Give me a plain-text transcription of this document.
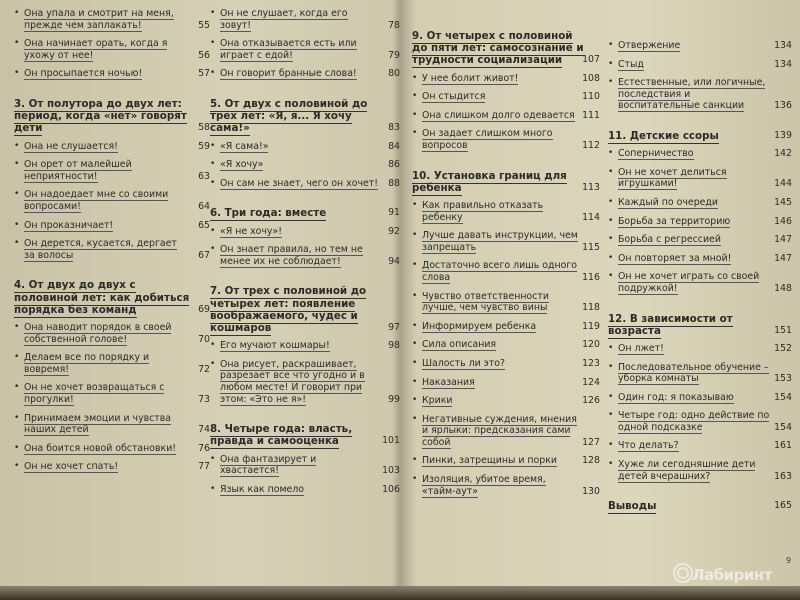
• Она упала и смотрит на меня, прежде чем заплакать!	55
• Она начинает орать, когда я ухожу от нее!	56
• Он просыпается ночью!	57
3. От полутора до двух лет: период, когда «нет» говорят дети	58
• Она не слушается!	59
• Он орет от малейшей неприятности!	63
• Он надоедает мне со своими вопросами!	64
• Он проказничает!	65
• Он дерется, кусается, дергает за волосы	67
4. От двух до двух с половиной лет: как добиться порядка без команд	69
• Она наводит порядок в своей собственной голове!	70
• Делаем все по порядку и вовремя!	72
• Он не хочет возвращаться с прогулки!	73
• Принимаем эмоции и чувства наших детей	74
• Она боится новой обстановки! 76
• Он не хочет спать!	77
• Он не слушает, когда его зовут!	78
• Она отказывается есть или играет с едой!	79
• Он говорит бранные слова!	80
5. От двух с половиной до трех лет: «Я, я... Я хочу сама!»	83
• «Я сама!»	84
• «Я хочу»	86
• Он сам не знает, чего он хочет! 88
6. Три года: вместе	91
• «Я не хочу»!	92
• Он знает правила, но тем не менее их не соблюдает!	94
7. От трех с половиной до четырех лет: появление воображаемого, чудес и кошмаров	97
• Его мучают кошмары!	98
• Она рисует, раскрашивает, разрезает все что угодно и в любом месте! И говорит при этом: «Это не я»!	99
8. Четыре года: власть, правда и самооценка	101
• Она фантазирует и хвастается!	103
• Язык как помело	106
9. От четырех с половиной до пяти лет: самосознание и трудности социализации 107
• У нее болит живот!	108
• Он стыдится	110
• Она слишком долго одевается 111
• Он задает слишком много вопросов	112
10. Установка границ для ребенка	113
• Как правильно отказать ребенку	114
• Лучше давать инструкции, чем запрещать	115
• Достаточно всего лишь одного слова	116
• Чувство ответственности лучше, чем чувство вины	118
• Информируем ребенка	119
• Сила описания	120
• Шалость ли это?	123
• Наказания	124
• Крики	126
• Негативные суждения, мнения и ярлыки: предсказания сами собой	127
• Пинки, затрещины и порки	128
• Изоляция, убитое время, «тайм-аут»	130
• Отвержение	134
• Стыд	134
• Естественные, или логичные, последствия и воспитательные санкции	136
11. Детские ссоры	139
• Соперничество	142
• Он не хочет делиться игрушками!	144
• Каждый по очереди	145
• Борьба за территорию	146
• Борьба с регрессией	147
• Он повторяет за мной!	147
• Он не хочет играть со своей подружкой!	148
12. В зависимости от возраста	151
• Он лжет!	152
• Последовательное обучение – уборка комнаты	153
• Один год: я показываю	154
• Четыре год: одно действие по одной подсказке	154
• Что делать?	161
• Хуже ли сегодняшние дети детей вчерашних?	163
Выводы	165
9
Лабиринт
